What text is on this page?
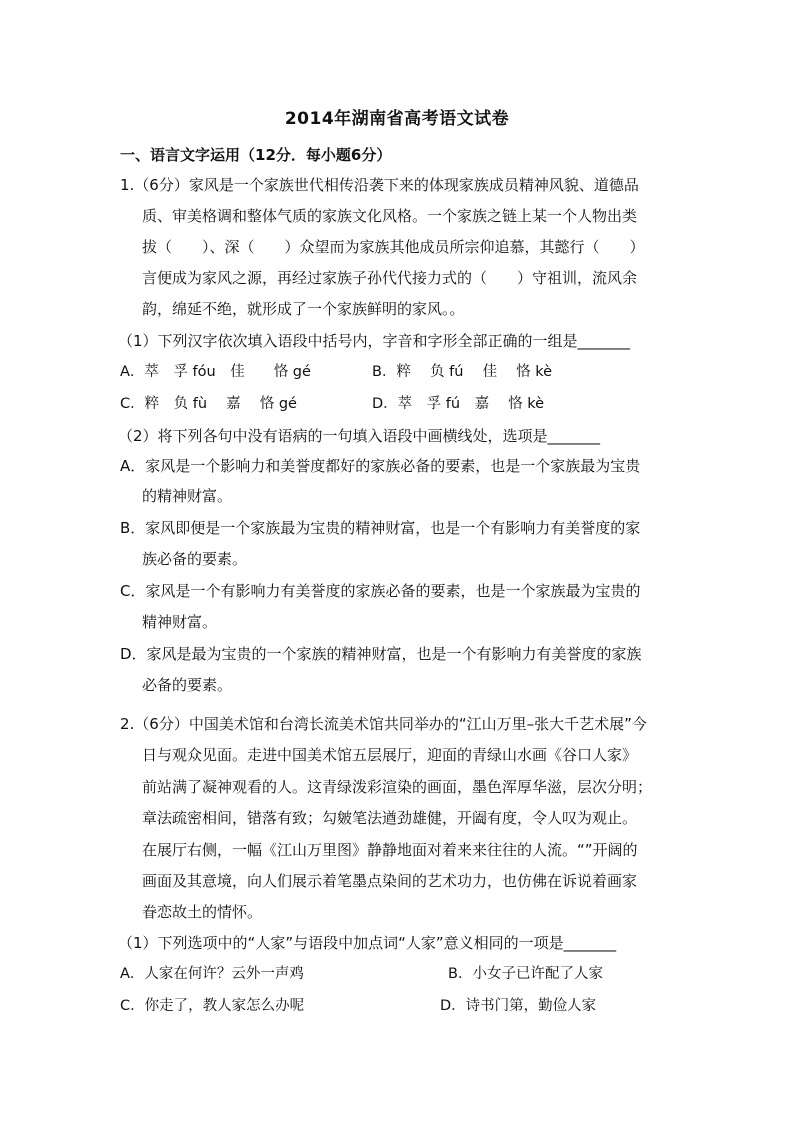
2014年湖南省高考语文试卷
一、语言文字运用（12分．每小题6分）
1.（6分）家风是一个家族世代相传沿袭下来的体现家族成员精神风貌、道德品
质、审美格调和整体气质的家族文化风格。一个家族之链上某一个人物出类
拔（　　）、深（　　）众望而为家族其他成员所宗仰追慕，其懿行（　　）
言便成为家风之源，再经过家族子孙代代接力式的（　　）守祖训，流风余
韵，绵延不绝，就形成了一个家族鲜明的家风。。
（1）下列汉字依次填入语段中括号内，字音和字形全部正确的一组是_______
A．萃　孚 fóu　佳　　恪 gé	B．粹　 负 fú　 佳　 恪 kè
C．粹　负 fù　 嘉　 恪 gé	D．萃　孚 fú　嘉　 恪 kè
（2）将下列各句中没有语病的一句填入语段中画横线处，选项是_______
A．家风是一个影响力和美誉度都好的家族必备的要素，也是一个家族最为宝贵
的精神财富。
B．家风即便是一个家族最为宝贵的精神财富，也是一个有影响力有美誉度的家
族必备的要素。
C．家风是一个有影响力有美誉度的家族必备的要素，也是一个家族最为宝贵的
精神财富。
D．家风是最为宝贵的一个家族的精神财富，也是一个有影响力有美誉度的家族
必备的要素。
2.（6分）中国美术馆和台湾长流美术馆共同举办的“江山万里–张大千艺术展”今
日与观众见面。走进中国美术馆五层展厅，迎面的青绿山水画《谷口人家》
前站满了凝神观看的人。这青绿泼彩渲染的画面，墨色浑厚华滋，层次分明；
章法疏密相间，错落有致；勾皴笔法遒劲雄健，开阖有度，令人叹为观止。
在展厅右侧，一幅《江山万里图》静静地面对着来来往往的人流。“”开阔的
画面及其意境，向人们展示着笔墨点染间的艺术功力，也仿佛在诉说着画家
眷恋故土的情怀。
（1）下列选项中的“人家”与语段中加点词“人家”意义相同的一项是_______
A．人家在何许？云外一声鸡	B．小女子已许配了人家
C．你走了，教人家怎么办呢	D．诗书门第，勤俭人家
